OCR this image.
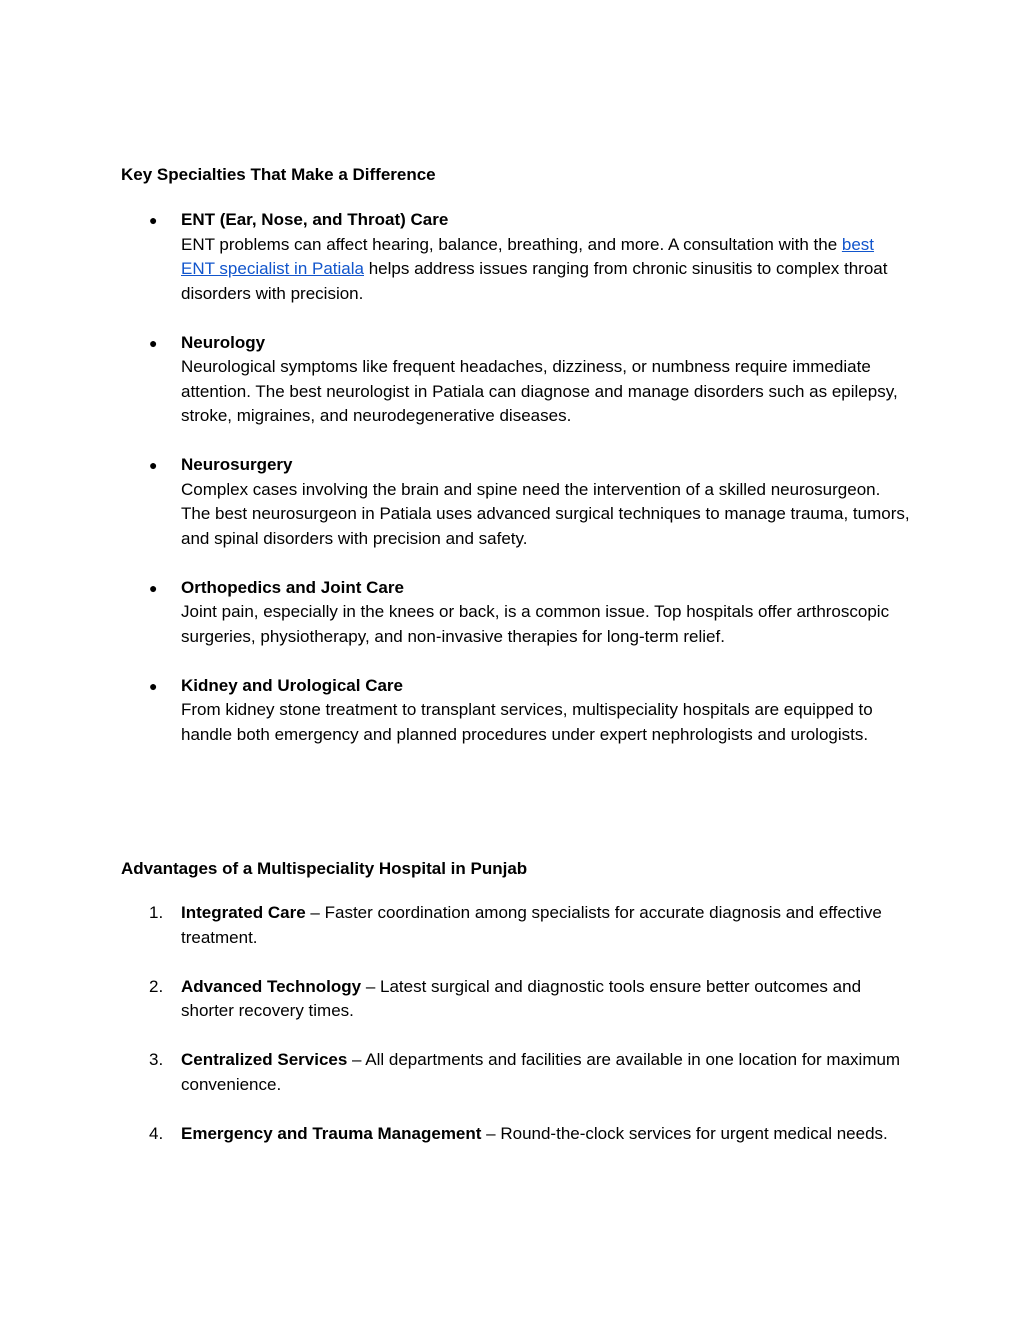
Key Specialties That Make a Difference
●	ENT (Ear, Nose, and Throat) Care
ENT problems can affect hearing, balance, breathing, and more. A consultation with the best ENT specialist in Patiala helps address issues ranging from chronic sinusitis to complex throat disorders with precision.
●	Neurology
Neurological symptoms like frequent headaches, dizziness, or numbness require immediate attention. The best neurologist in Patiala can diagnose and manage disorders such as epilepsy, stroke, migraines, and neurodegenerative diseases.
●	Neurosurgery
Complex cases involving the brain and spine need the intervention of a skilled neurosurgeon. The best neurosurgeon in Patiala uses advanced surgical techniques to manage trauma, tumors, and spinal disorders with precision and safety.
●	Orthopedics and Joint Care
Joint pain, especially in the knees or back, is a common issue. Top hospitals offer arthroscopic surgeries, physiotherapy, and non-invasive therapies for long-term relief.
●	Kidney and Urological Care
From kidney stone treatment to transplant services, multispeciality hospitals are equipped to handle both emergency and planned procedures under expert nephrologists and urologists.
Advantages of a Multispeciality Hospital in Punjab
1.	Integrated Care – Faster coordination among specialists for accurate diagnosis and effective treatment.
2.	Advanced Technology – Latest surgical and diagnostic tools ensure better outcomes and shorter recovery times.
3.	Centralized Services – All departments and facilities are available in one location for maximum convenience.
4.	Emergency and Trauma Management – Round-the-clock services for urgent medical needs.
